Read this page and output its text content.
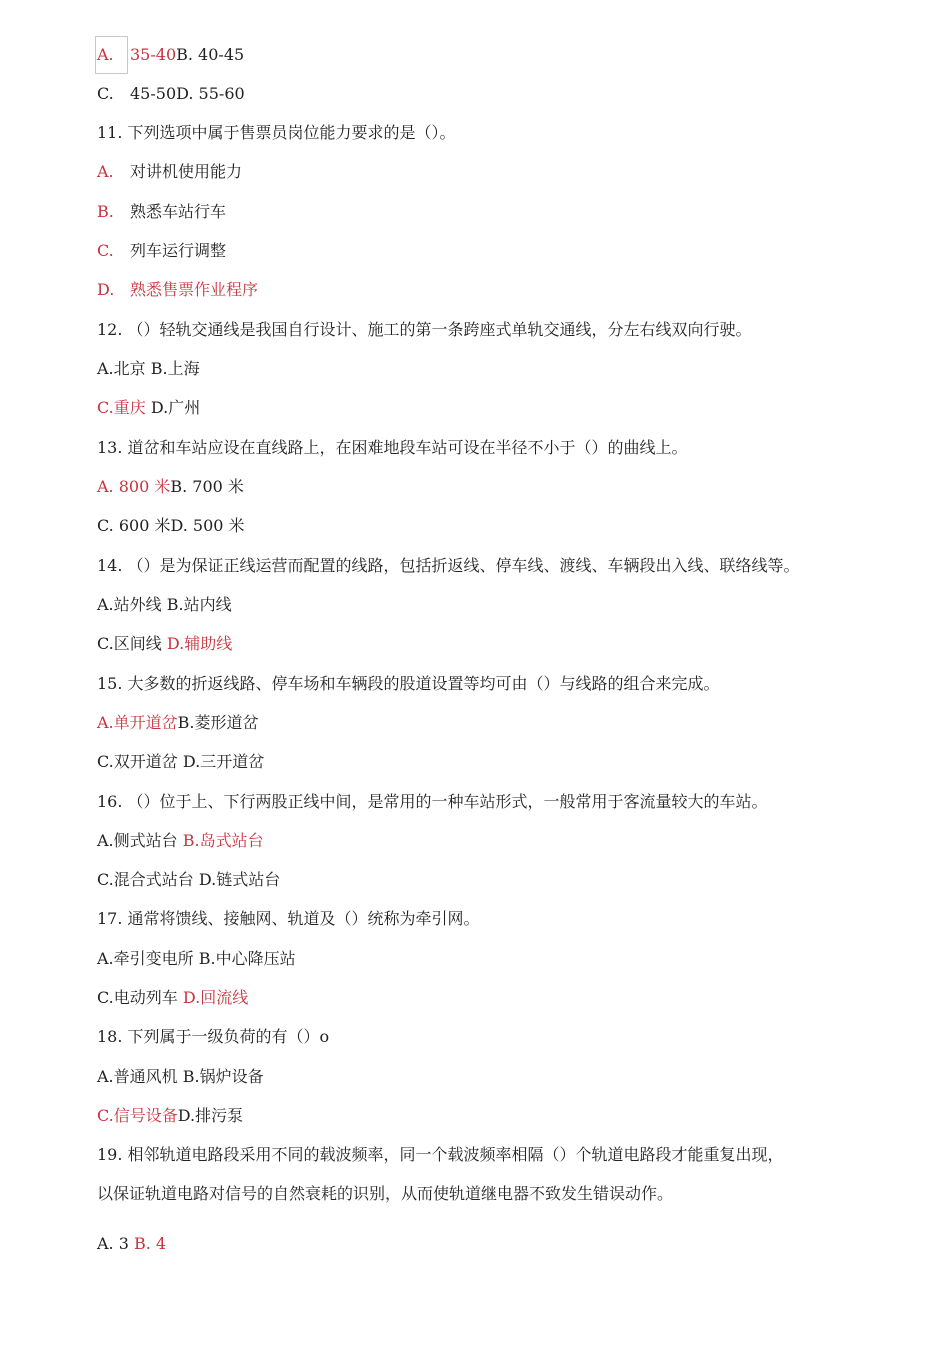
A. 35-40B. 40-45
C. 45-50D. 55-60
11. 下列选项中属于售票员岗位能力要求的是（）。
A. 对讲机使用能力
B. 熟悉车站行车
C. 列车运行调整
D. 熟悉售票作业程序
12. （）轻轨交通线是我国自行设计、施工的第一条跨座式单轨交通线，分左右线双向行驶。
A.北京 B.上海
C.重庆 D.广州
13. 道岔和车站应设在直线路上，在困难地段车站可设在半径不小于（）的曲线上。
A. 800 米B. 700 米
C. 600 米D. 500 米
14. （）是为保证正线运营而配置的线路，包括折返线、停车线、渡线、车辆段出入线、联络线等。
A.站外线 B.站内线
C.区间线 D.辅助线
15. 大多数的折返线路、停车场和车辆段的股道设置等均可由（）与线路的组合来完成。
A.单开道岔B.菱形道岔
C.双开道岔 D.三开道岔
16. （）位于上、下行两股正线中间，是常用的一种车站形式，一般常用于客流量较大的车站。
A.侧式站台 B.岛式站台
C.混合式站台 D.链式站台
17. 通常将馈线、接触网、轨道及（）统称为牵引网。
A.牵引变电所 B.中心降压站
C.电动列车 D.回流线
18. 下列属于一级负荷的有（）o
A.普通风机 B.锅炉设备
C.信号设备D.排污泵
19. 相邻轨道电路段采用不同的载波频率，同一个载波频率相隔（）个轨道电路段才能重复出现，
以保证轨道电路对信号的自然衰耗的识别，从而使轨道继电器不致发生错误动作。
A. 3 B. 4
